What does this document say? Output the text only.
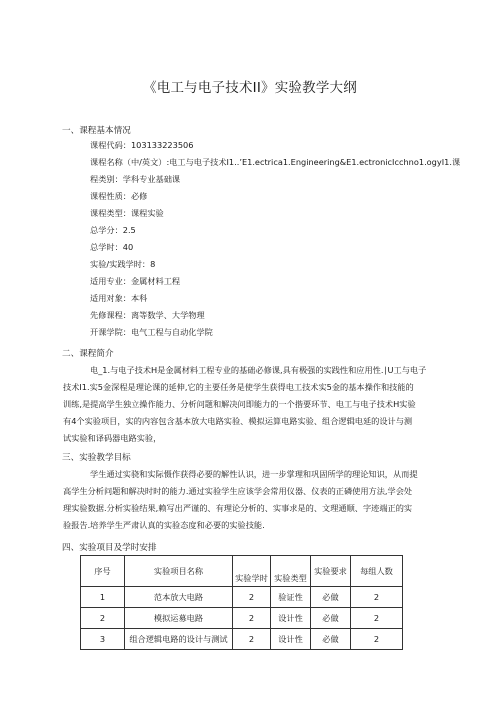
《电工与电子技术II》实验教学大纲
一、课程基本情况
课程代码：103133223506
课程名称（中/英文）:电工与电子技术I1..’E1.ectrica1.Engineering&E1.ectronicIcchno1.ogyI1.课
程类别：学科专业基础课
课程性质：必修
课程类型：课程实验
总学分：2.5
总学时：40
实验/实践学时：8
适用专业：金属材料工程
适用对象：本科
先修课程：离等数学、大学物理
开课学院：电气工程与自动化学院
二、课程简介
电_1.与电子技术H是金属材料工程专业的基础必修课,具有极强的实践性和应用性.∣U工与电子
技术I1.实5金深程是理论课的延伸,它的主要任务是使学生获得电工技术实5金的基本操作和技能的
训练,是提高学生独立操作能力、分析问题和解决问即能力的一个揩要环节、电工与电子技术H实验
有4个实验项目，实的内容包含基本放大电路实验、模拟运算电路实验、组合逻辑电延的设计与测
试实验和译码器电路实验，
三、实验教学目标
学生通过实骁和实际慑作获得必要的解性认识，进一步掌理和巩固所学的理论知识，从而提
高学生分析问题和解决时时的能力.通过实验学生应该学会常用仪器、仪表的正磷使用方法,学会处
理实验数据.分析实验结果,赖写出严谨的、有理论分析的、实事求是的、文理通顺、字迹端正的实
验报告.培养学生严肃认真的实验态度和必要的实验技能.
四、实验项目及学时安排
序号	实验项目名称	实验学时	实验类型	实验要求	每组人数
1	范本放大电路	2	验证性	必做	2
2	模拟运募电路	2	设计性	必做	2
3	组合逻辑电路的设计与测试	2	设计性	必做	2
